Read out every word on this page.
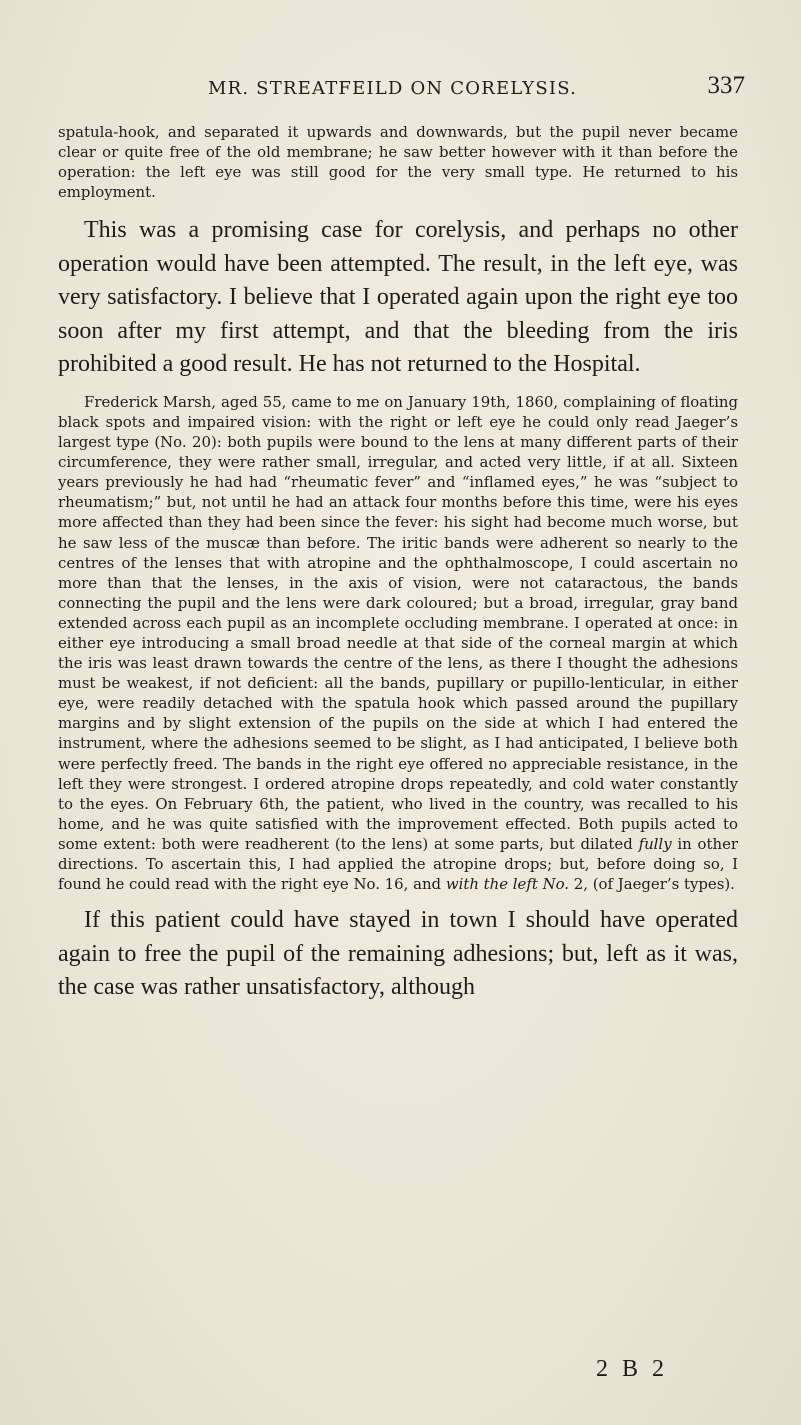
MR. STREATFEILD ON CORELYSIS.	337

spatula-hook, and separated it upwards and downwards, but the pupil never became clear or quite free of the old membrane; he saw better however with it than before the operation: the left eye was still good for the very small type. He returned to his employment.

This was a promising case for corelysis, and perhaps no other operation would have been attempted. The result, in the left eye, was very satisfactory. I believe that I operated again upon the right eye too soon after my first attempt, and that the bleeding from the iris prohibited a good result. He has not returned to the Hospital.

Frederick Marsh, aged 55, came to me on January 19th, 1860, complaining of floating black spots and impaired vision: with the right or left eye he could only read Jaeger’s largest type (No. 20): both pupils were bound to the lens at many different parts of their circumference, they were rather small, irregular, and acted very little, if at all. Sixteen years previously he had had “rheumatic fever” and “inflamed eyes,” he was “subject to rheumatism;” but, not until he had an attack four months before this time, were his eyes more affected than they had been since the fever: his sight had become much worse, but he saw less of the muscæ than before. The iritic bands were adherent so nearly to the centres of the lenses that with atropine and the ophthalmoscope, I could ascertain no more than that the lenses, in the axis of vision, were not cataractous, the bands connecting the pupil and the lens were dark coloured; but a broad, irregular, gray band extended across each pupil as an incomplete occluding membrane. I operated at once: in either eye introducing a small broad needle at that side of the corneal margin at which the iris was least drawn towards the centre of the lens, as there I thought the adhesions must be weakest, if not deficient: all the bands, pupillary or pupillo-lenticular, in either eye, were readily detached with the spatula hook which passed around the pupillary margins and by slight extension of the pupils on the side at which I had entered the instrument, where the adhesions seemed to be slight, as I had anticipated, I believe both were perfectly freed. The bands in the right eye offered no appreciable resistance, in the left they were strongest. I ordered atropine drops repeatedly, and cold water constantly to the eyes. On February 6th, the patient, who lived in the country, was recalled to his home, and he was quite satisfied with the improvement effected. Both pupils acted to some extent: both were readherent (to the lens) at some parts, but dilated fully in other directions. To ascertain this, I had applied the atropine drops; but, before doing so, I found he could read with the right eye No. 16, and with the left No. 2, (of Jaeger’s types).

If this patient could have stayed in town I should have operated again to free the pupil of the remaining adhesions; but, left as it was, the case was rather unsatisfactory, although

2 B 2
